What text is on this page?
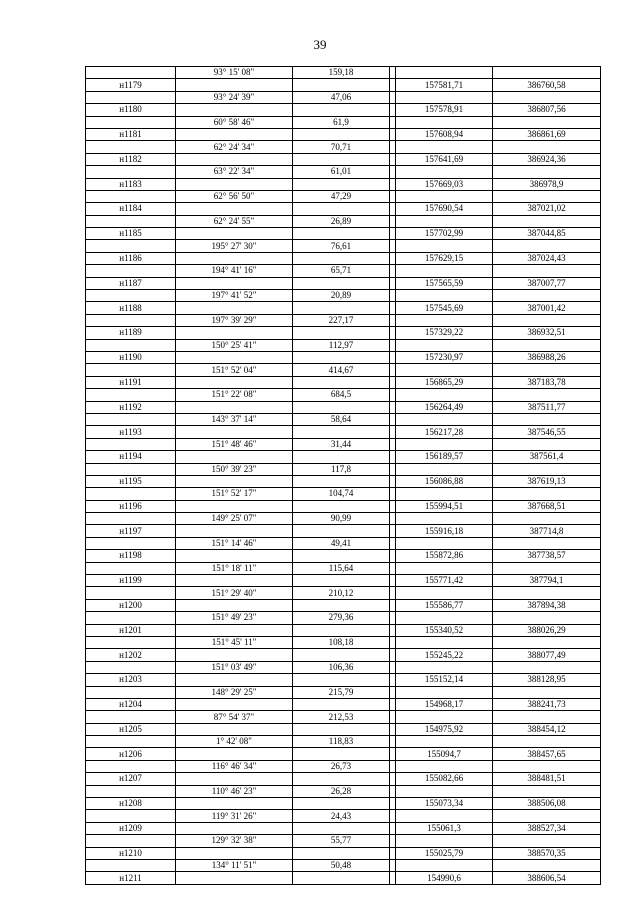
39
	93° 15' 08"	159,18			
н1179				157581,71	386760,58
	93° 24' 39"	47,06			
н1180				157578,91	386807,56
	60° 58' 46"	61,9			
н1181				157608,94	386861,69
	62° 24' 34"	70,71			
н1182				157641,69	386924,36
	63° 22' 34"	61,01			
н1183				157669,03	386978,9
	62° 56' 50"	47,29			
н1184				157690,54	387021,02
	62° 24' 55"	26,89			
н1185				157702,99	387044,85
	195° 27' 30"	76,61			
н1186				157629,15	387024,43
	194° 41' 16"	65,71			
н1187				157565,59	387007,77
	197° 41' 52"	20,89			
н1188				157545,69	387001,42
	197° 39' 29"	227,17			
н1189				157329,22	386932,51
	150° 25' 41"	112,97			
н1190				157230,97	386988,26
	151° 52' 04"	414,67			
н1191				156865,29	387183,78
	151° 22' 08"	684,5			
н1192				156264,49	387511,77
	143° 37' 14"	58,64			
н1193				156217,28	387546,55
	151° 48' 46"	31,44			
н1194				156189,57	387561,4
	150° 39' 23"	117,8			
н1195				156086,88	387619,13
	151° 52' 17"	104,74			
н1196				155994,51	387668,51
	149° 25' 07"	90,99			
н1197				155916,18	387714,8
	151° 14' 46"	49,41			
н1198				155872,86	387738,57
	151° 18' 11"	115,64			
н1199				155771,42	387794,1
	151° 29' 40"	210,12			
н1200				155586,77	387894,38
	151° 49' 23"	279,36			
н1201				155340,52	388026,29
	151° 45' 11"	108,18			
н1202				155245,22	388077,49
	151° 03' 49"	106,36			
н1203				155152,14	388128,95
	148° 29' 25"	215,79			
н1204				154968,17	388241,73
	87° 54' 37"	212,53			
н1205				154975,92	388454,12
	1° 42' 08"	118,83			
н1206				155094,7	388457,65
	116° 46' 34"	26,73			
н1207				155082,66	388481,51
	110° 46' 23"	26,28			
н1208				155073,34	388506,08
	119° 31' 26"	24,43			
н1209				155061,3	388527,34
	129° 32' 38"	55,77			
н1210				155025,79	388570,35
	134° 11' 51"	50,48			
н1211				154990,6	388606,54
